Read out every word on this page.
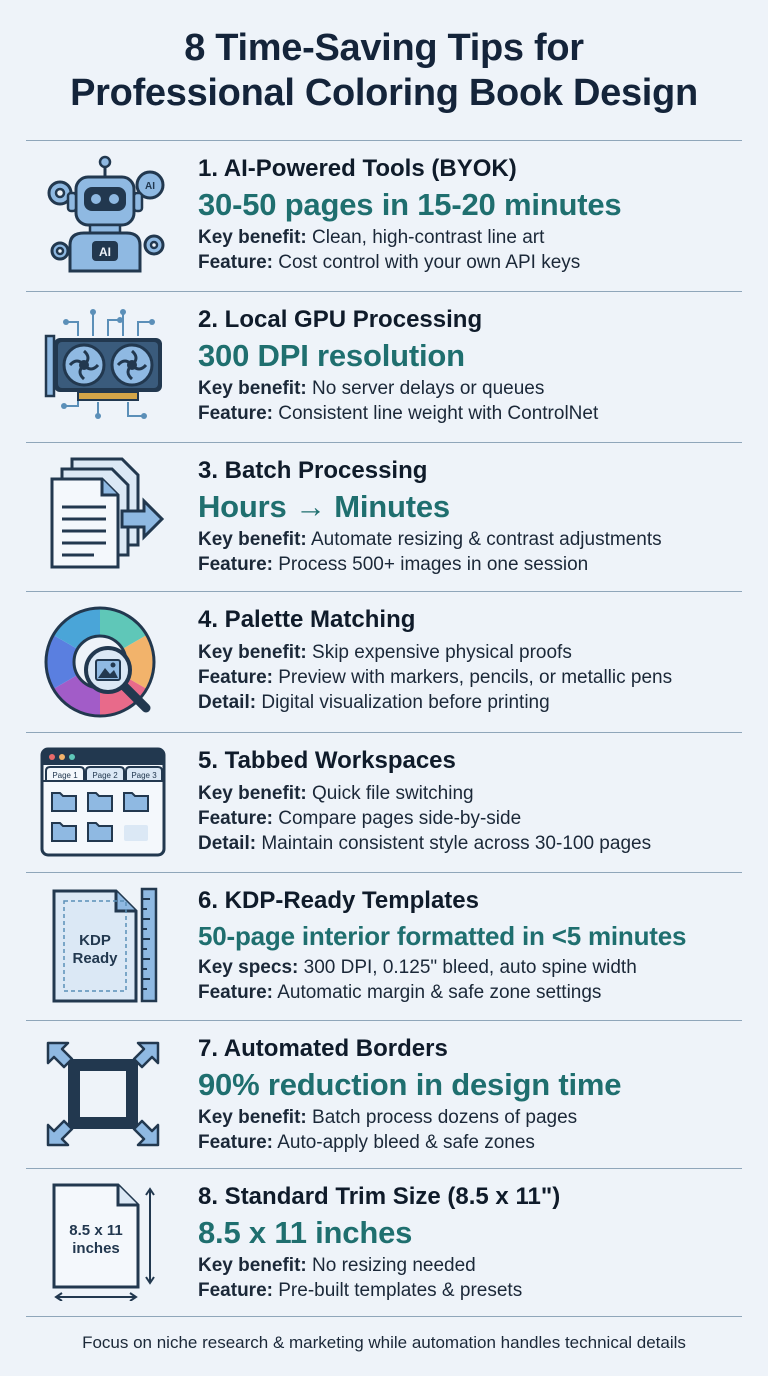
8 Time-Saving Tips for
Professional Coloring Book Design
AI
AI
1. AI-Powered Tools (BYOK)
30-50 pages in 15-20 minutes
Key benefit: Clean, high-contrast line art
Feature: Cost control with your own API keys
2. Local GPU Processing
300 DPI resolution
Key benefit: No server delays or queues
Feature: Consistent line weight with ControlNet
3. Batch Processing
Hours → Minutes
Key benefit: Automate resizing & contrast adjustments
Feature: Process 500+ images in one session
4. Palette Matching
Key benefit: Skip expensive physical proofs
Feature: Preview with markers, pencils, or metallic pens
Detail: Digital visualization before printing
Page 1 Page 2 Page 3
5. Tabbed Workspaces
Key benefit: Quick file switching
Feature: Compare pages side-by-side
Detail: Maintain consistent style across 30-100 pages
KDP
Ready
6. KDP-Ready Templates
50-page interior formatted in <5 minutes
Key specs: 300 DPI, 0.125" bleed, auto spine width
Feature: Automatic margin & safe zone settings
7. Automated Borders
90% reduction in design time
Key benefit: Batch process dozens of pages
Feature: Auto-apply bleed & safe zones
8.5 x 11
inches
8. Standard Trim Size (8.5 x 11")
8.5 x 11 inches
Key benefit: No resizing needed
Feature: Pre-built templates & presets
Focus on niche research & marketing while automation handles technical details
